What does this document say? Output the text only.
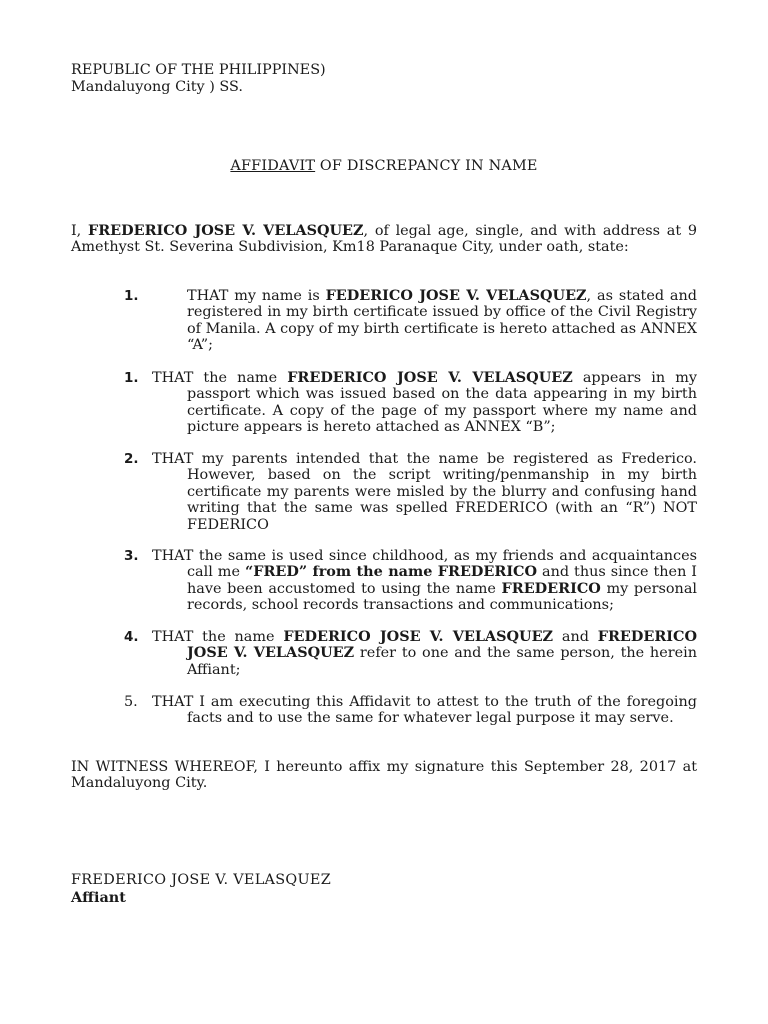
REPUBLIC OF THE PHILIPPINES)
Mandaluyong City ) SS.
AFFIDAVIT OF DISCREPANCY IN NAME
I, FREDERICO JOSE V. VELASQUEZ, of legal age, single, and with address at 9 Amethyst St. Severina Subdivision, Km18 Paranaque City, under oath, state:
1.	THAT my name is FEDERICO JOSE V. VELASQUEZ, as stated and registered in my birth certificate issued by office of the Civil Registry of Manila. A copy of my birth certificate is hereto attached as ANNEX “A”;
1. THAT the name FREDERICO JOSE V. VELASQUEZ appears in my passport which was issued based on the data appearing in my birth certificate. A copy of the page of my passport where my name and picture appears is hereto attached as ANNEX “B”;
2. THAT my parents intended that the name be registered as Frederico. However, based on the script writing/penmanship in my birth certificate my parents were misled by the blurry and confusing hand writing that the same was spelled FREDERICO (with an “R”) NOT FEDERICO
3. THAT the same is used since childhood, as my friends and acquaintances call me “FRED” from the name FREDERICO and thus since then I have been accustomed to using the name FREDERICO my personal records, school records transactions and communications;
4. THAT the name FEDERICO JOSE V. VELASQUEZ and FREDERICO JOSE V. VELASQUEZ refer to one and the same person, the herein Affiant;
5. THAT I am executing this Affidavit to attest to the truth of the foregoing facts and to use the same for whatever legal purpose it may serve.
IN WITNESS WHEREOF, I hereunto affix my signature this September 28, 2017 at Mandaluyong City.
FREDERICO JOSE V. VELASQUEZ
Affiant
